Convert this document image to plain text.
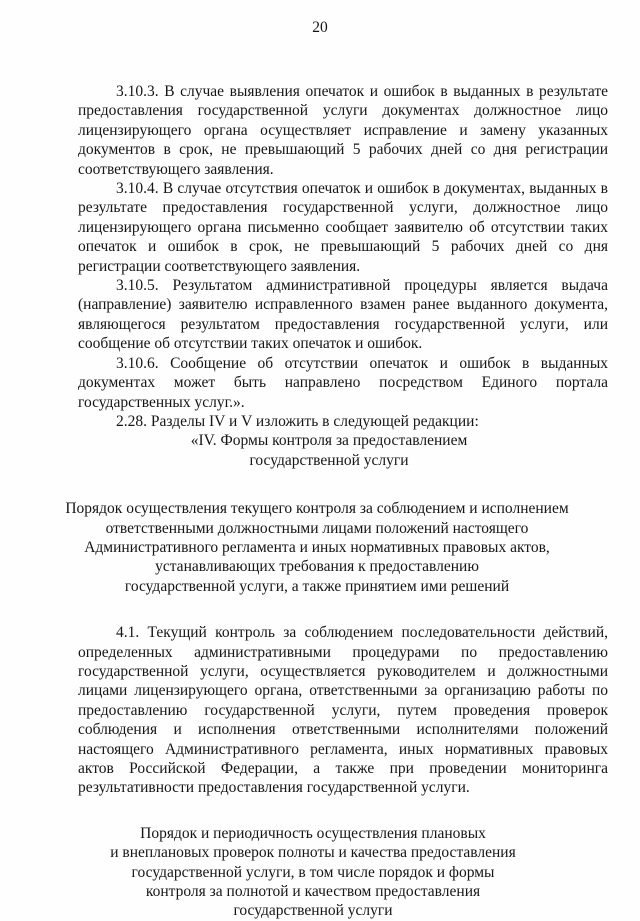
20

3.10.3. В случае выявления опечаток и ошибок в выданных в результате предоставления государственной услуги документах должностное лицо лицензирующего органа осуществляет исправление и замену указанных документов в срок, не превышающий 5 рабочих дней со дня регистрации соответствующего заявления.

3.10.4. В случае отсутствия опечаток и ошибок в документах, выданных в результате предоставления государственной услуги, должностное лицо лицензирующего органа письменно сообщает заявителю об отсутствии таких опечаток и ошибок в срок, не превышающий 5 рабочих дней со дня регистрации соответствующего заявления.

3.10.5. Результатом административной процедуры является выдача (направление) заявителю исправленного взамен ранее выданного документа, являющегося результатом предоставления государственной услуги, или сообщение об отсутствии таких опечаток и ошибок.

3.10.6. Сообщение об отсутствии опечаток и ошибок в выданных документах может быть направлено посредством Единого портала государственных услуг.».

2.28. Разделы IV и V изложить в следующей редакции:

«IV. Формы контроля за предоставлением

государственной услуги

Порядок осуществления текущего контроля за соблюдением и исполнением

ответственными должностными лицами положений настоящего

Административного регламента и иных нормативных правовых актов,

устанавливающих требования к предоставлению

государственной услуги, а также принятием ими решений

4.1. Текущий контроль за соблюдением последовательности действий, определенных административными процедурами по предоставлению государственной услуги, осуществляется руководителем и должностными лицами лицензирующего органа, ответственными за организацию работы по предоставлению государственной услуги, путем проведения проверок соблюдения и исполнения ответственными исполнителями положений настоящего Административного регламента, иных нормативных правовых актов Российской Федерации, а также при проведении мониторинга результативности предоставления государственной услуги.

Порядок и периодичность осуществления плановых

и внеплановых проверок полноты и качества предоставления

государственной услуги, в том числе порядок и формы

контроля за полнотой и качеством предоставления

государственной услуги
